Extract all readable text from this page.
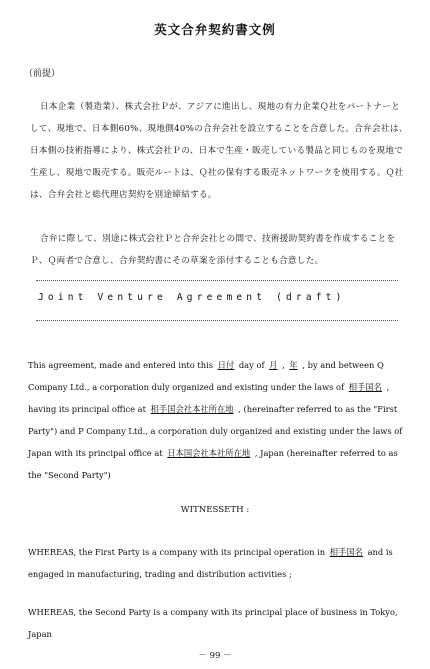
英文合弁契約書文例
（前提）

日本企業（製造業）、株式会社Ｐが、アジアに進出し、現地の有力企業Ｑ社をパートナーとして、現地で、日本側60%、現地側40%の合弁会社を設立することを合意した。合弁会社は、日本側の技術指導により、株式会社Ｐの、日本で生産・販売している製品と同じものを現地で生産し、現地で販売する。販売ルートは、Ｑ社の保有する販売ネットワークを使用する。Ｑ社は、合弁会社と総代理店契約を別途締結する。

合弁に際して、別途に株式会社Ｐと合弁会社との間で、技術援助契約書を作成することをＰ、Ｑ両者で合意し、合弁契約書にその草案を添付することも合意した。

Joint Venture Agreement (draft)

This agreement, made and entered into this 日付 day of 月 , 年 , by and between Q Company Ltd., a corporation duly organized and existing under the laws of 相手国名 , having its principal office at 相手国会社本社所在地 , (hereinafter referred to as the "First Party") and P Company Ltd., a corporation duly organized and existing under the laws of Japan with its principal office at 日本国会社本社所在地 , Japan (hereinafter referred to as the "Second Party")

WITNESSETH :

WHEREAS, the First Party is a company with its principal operation in 相手国名 and is engaged in manufacturing, trading and distribution activities ;

WHEREAS, the Second Party is a company with its principal place of business in Tokyo, Japan

－ 99 －
